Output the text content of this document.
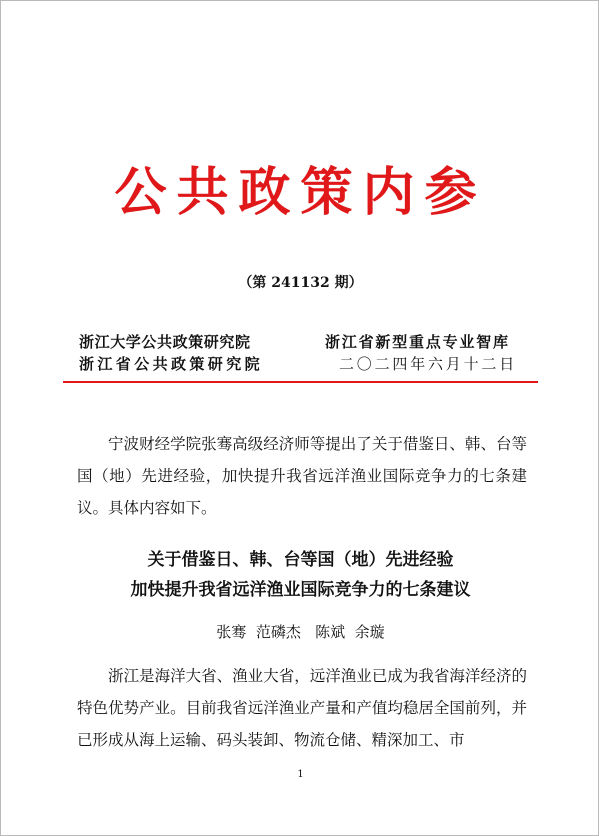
公共政策内参
（第 241132 期）
浙江大学公共政策研究院	浙江省新型重点专业智库
浙江省公共政策研究院	二〇二四年六月十二日
宁波财经学院张骞高级经济师等提出了关于借鉴日、韩、台等国（地）先进经验，加快提升我省远洋渔业国际竞争力的七条建议。具体内容如下。
关于借鉴日、韩、台等国（地）先进经验
加快提升我省远洋渔业国际竞争力的七条建议
张骞  范磷杰   陈斌  余璇
浙江是海洋大省、渔业大省，远洋渔业已成为我省海洋经济的特色优势产业。目前我省远洋渔业产量和产值均稳居全国前列，并已形成从海上运输、码头装卸、物流仓储、精深加工、市
1
